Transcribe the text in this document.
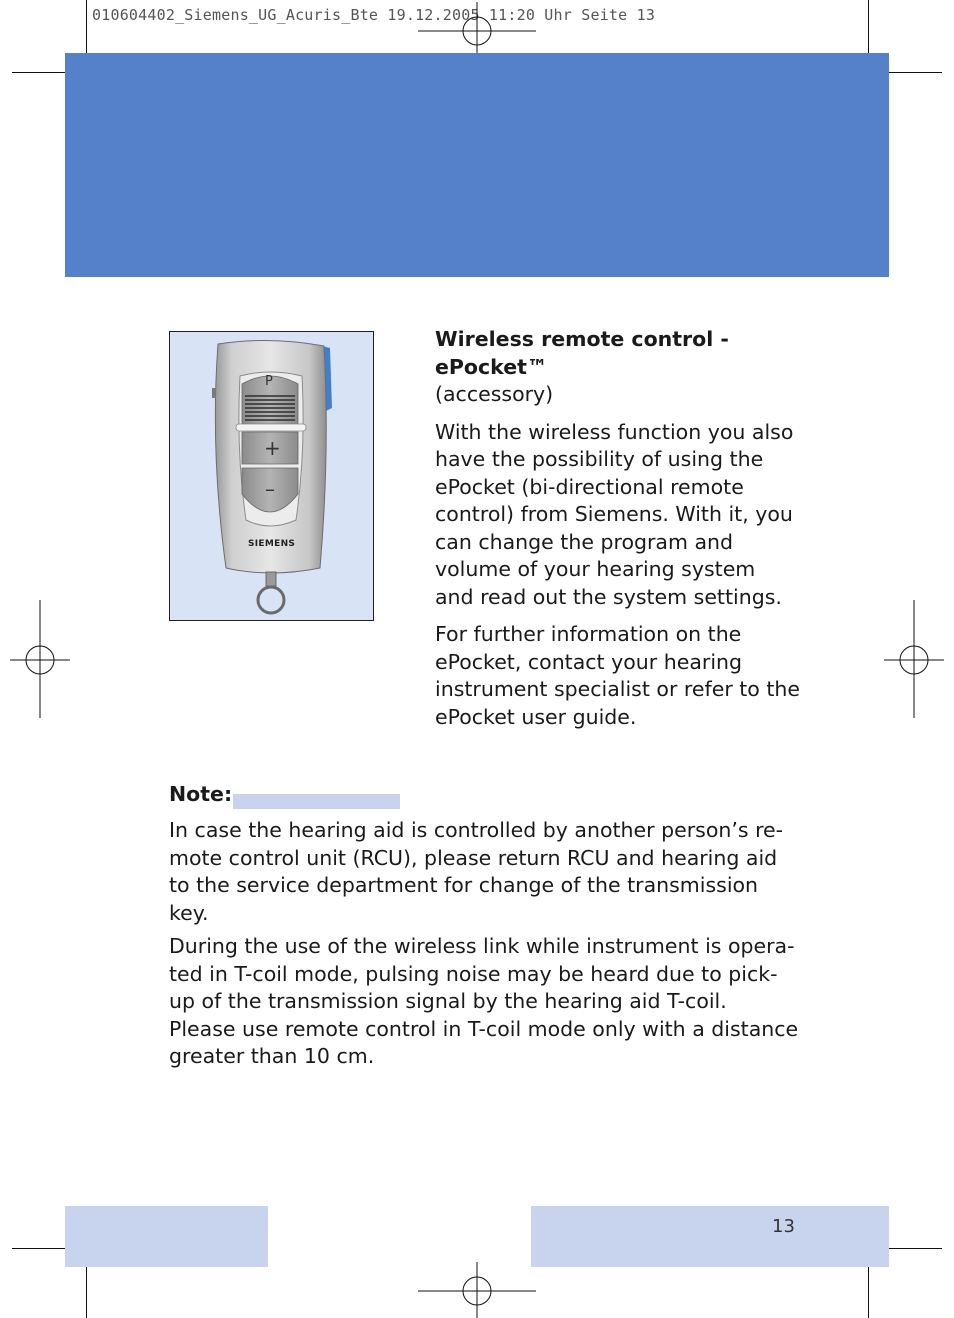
010604402_Siemens_UG_Acuris_Bte 19.12.2005 11:20 Uhr Seite 13
P
+
–
SIEMENS

Wireless remote control -

ePocket™

(accessory)

With the wireless function you also have the possibility of using the ePocket (bi-directional remote control) from Siemens. With it, you can change the program and volume of your hearing system and read out the system settings.

For further information on the ePocket, contact your hearing instrument specialist or refer to the ePocket user guide.

Note:

In case the hearing aid is controlled by another person’s re-mote control unit (RCU), please return RCU and hearing aid to the service department for change of the transmission key.

During the use of the wireless link while instrument is opera-ted in T-coil mode, pulsing noise may be heard due to pick-up of the transmission signal by the hearing aid T-coil. Please use remote control in T-coil mode only with a distance greater than 10 cm.

13
